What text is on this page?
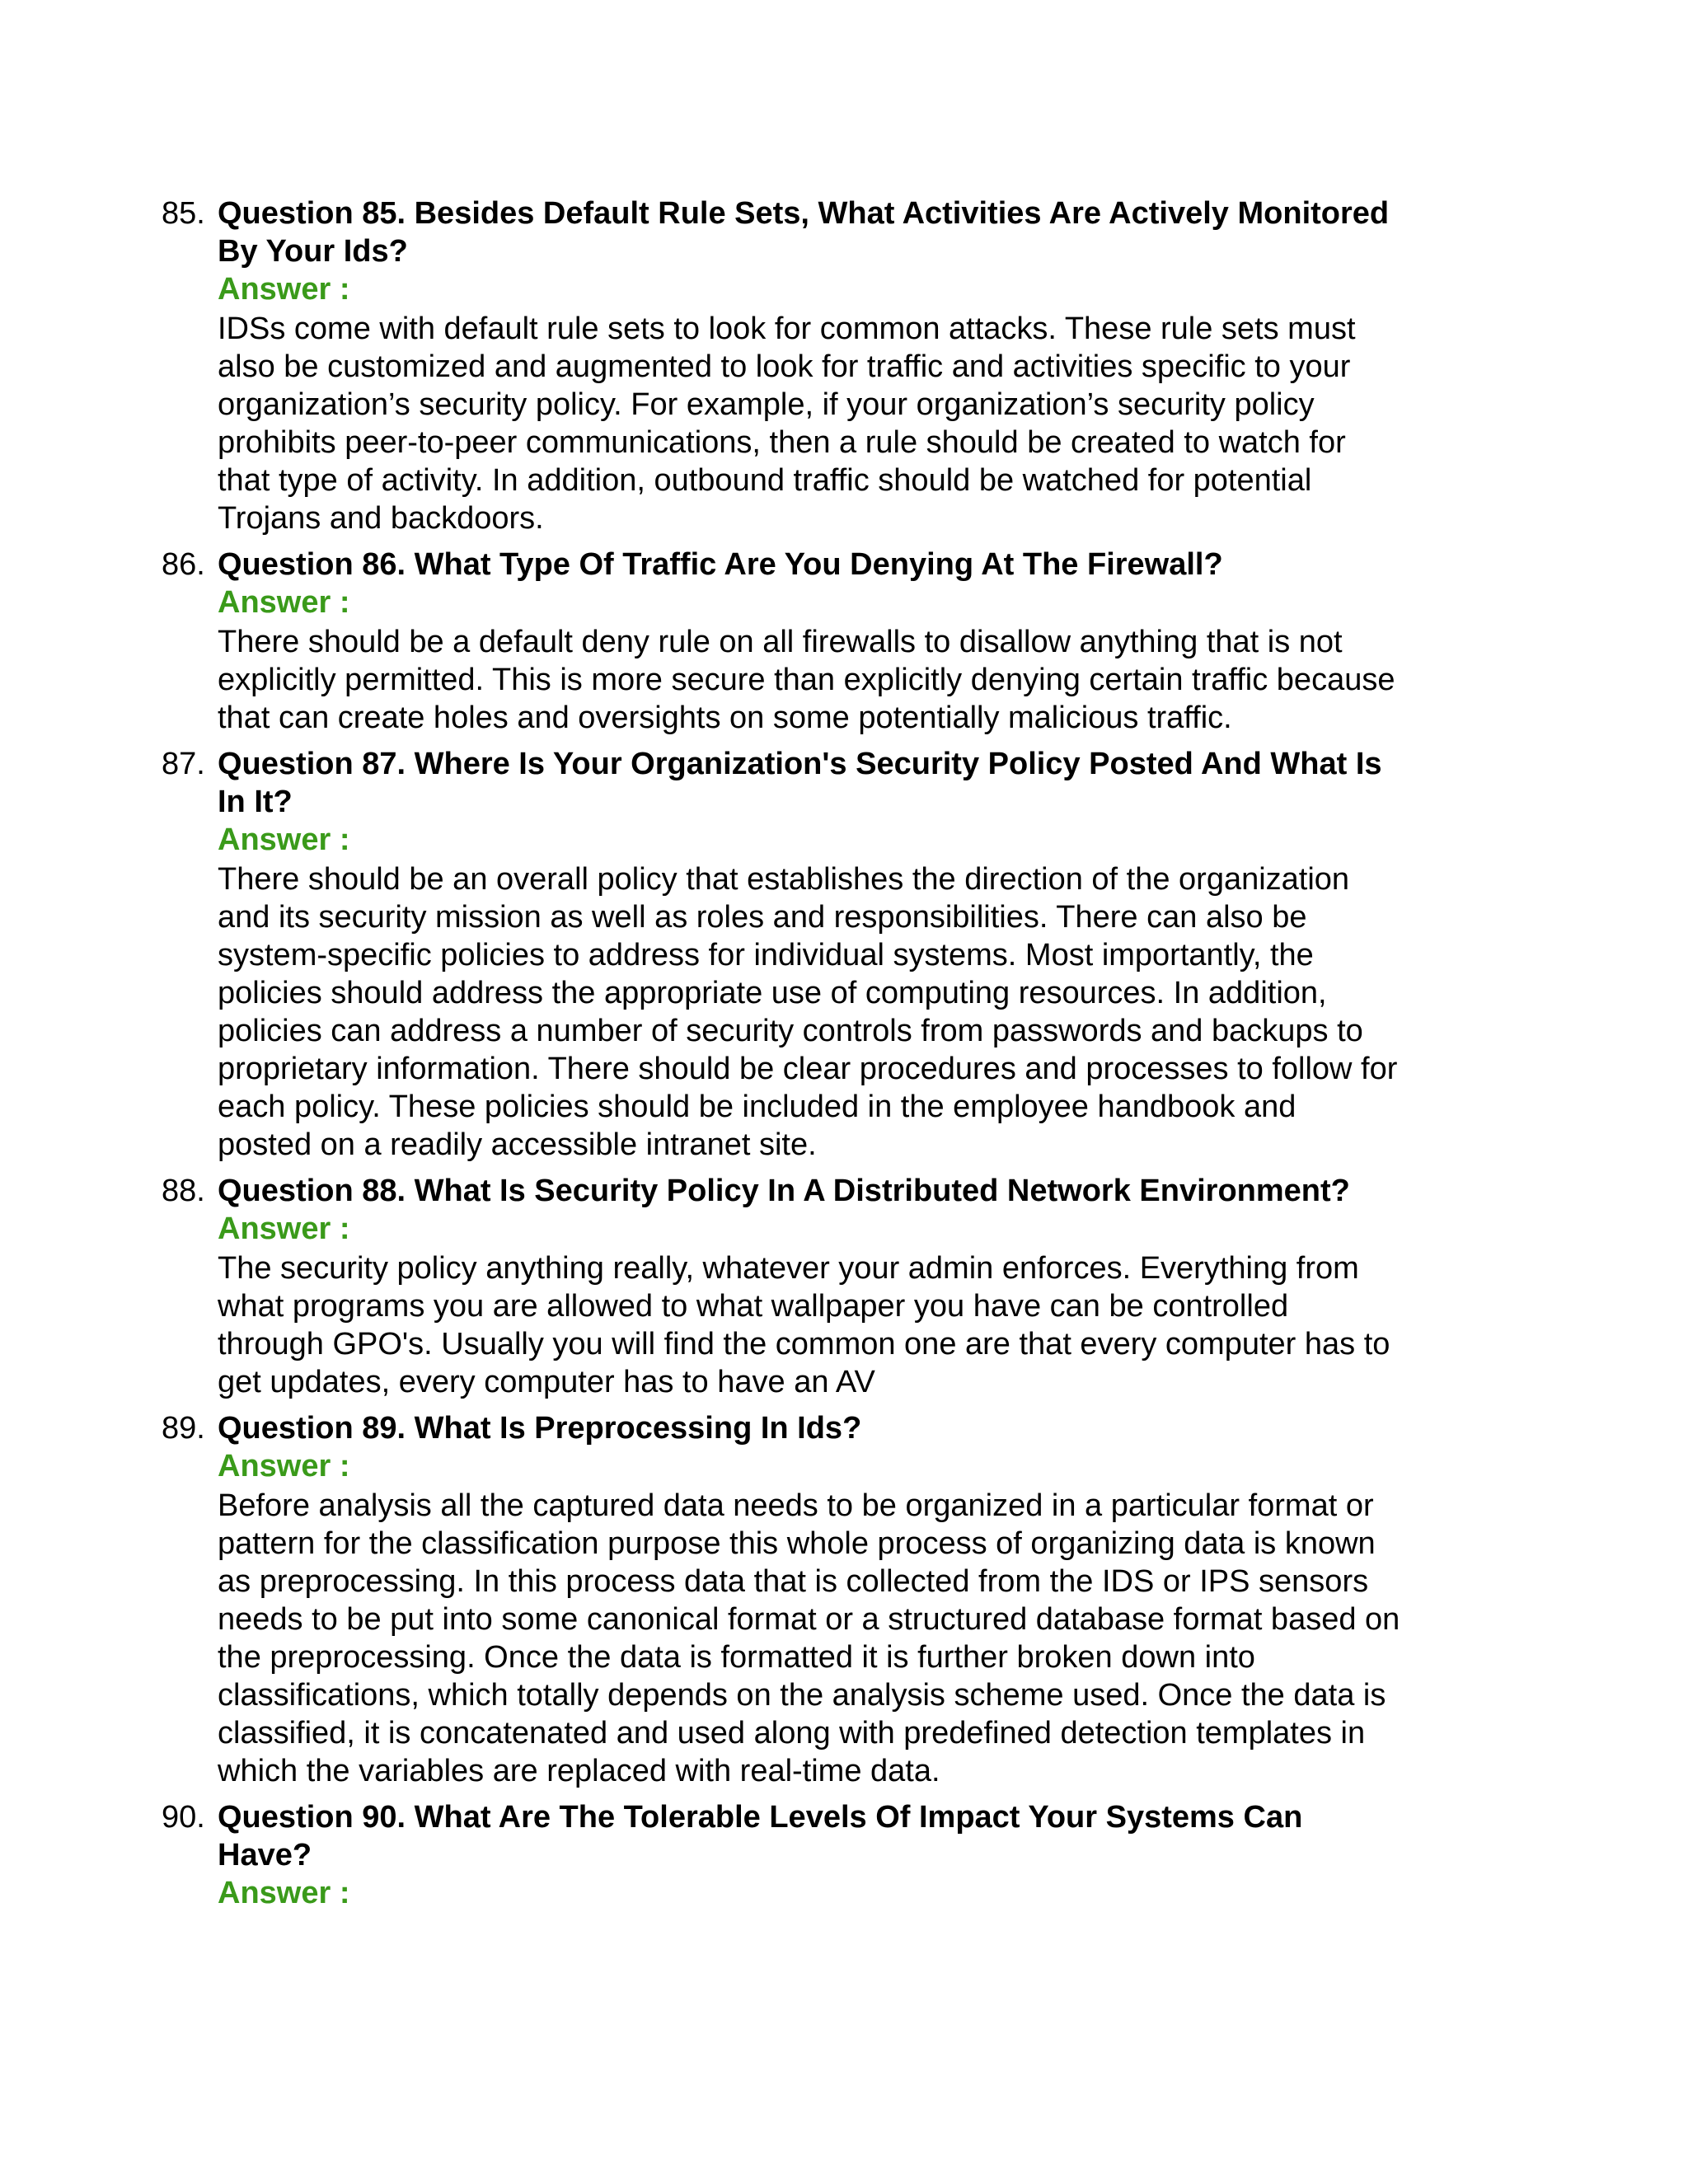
85. Question 85. Besides Default Rule Sets, What Activities Are Actively Monitored
By Your Ids?

Answer :

IDSs come with default rule sets to look for common attacks. These rule sets must
also be customized and augmented to look for traffic and activities specific to your
organization’s security policy. For example, if your organization’s security policy
prohibits peer-to-peer communications, then a rule should be created to watch for
that type of activity. In addition, outbound traffic should be watched for potential
Trojans and backdoors.

86. Question 86. What Type Of Traffic Are You Denying At The Firewall?

Answer :

There should be a default deny rule on all firewalls to disallow anything that is not
explicitly permitted. This is more secure than explicitly denying certain traffic because
that can create holes and oversights on some potentially malicious traffic.

87. Question 87. Where Is Your Organization's Security Policy Posted And What Is
In It?

Answer :

There should be an overall policy that establishes the direction of the organization
and its security mission as well as roles and responsibilities. There can also be
system-specific policies to address for individual systems. Most importantly, the
policies should address the appropriate use of computing resources. In addition,
policies can address a number of security controls from passwords and backups to
proprietary information. There should be clear procedures and processes to follow for
each policy. These policies should be included in the employee handbook and
posted on a readily accessible intranet site.

88. Question 88. What Is Security Policy In A Distributed Network Environment?

Answer :

The security policy anything really, whatever your admin enforces. Everything from
what programs you are allowed to what wallpaper you have can be controlled
through GPO's. Usually you will find the common one are that every computer has to
get updates, every computer has to have an AV

89. Question 89. What Is Preprocessing In Ids?

Answer :

Before analysis all the captured data needs to be organized in a particular format or
pattern for the classification purpose this whole process of organizing data is known
as preprocessing. In this process data that is collected from the IDS or IPS sensors
needs to be put into some canonical format or a structured database format based on
the preprocessing. Once the data is formatted it is further broken down into
classifications, which totally depends on the analysis scheme used. Once the data is
classified, it is concatenated and used along with predefined detection templates in
which the variables are replaced with real-time data.

90. Question 90. What Are The Tolerable Levels Of Impact Your Systems Can
Have?

Answer :
